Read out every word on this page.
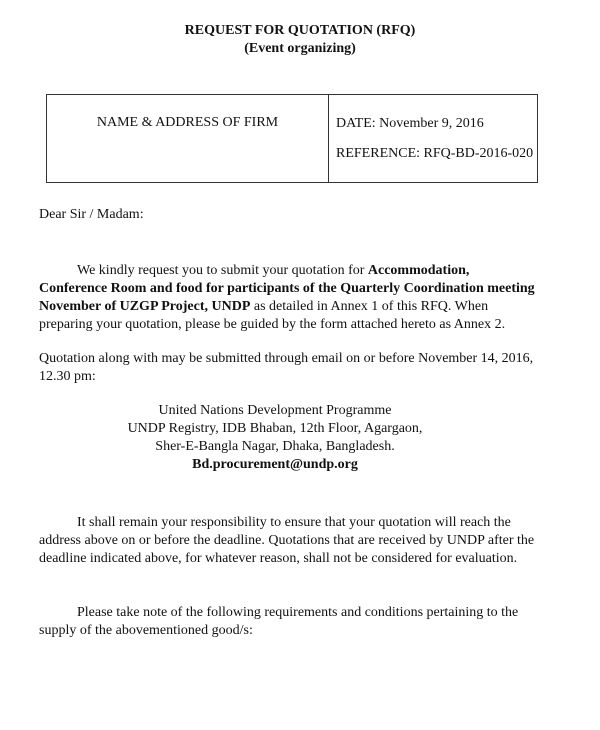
REQUEST FOR QUOTATION (RFQ)
(Event organizing)
NAME & ADDRESS OF FIRM	DATE: November 9, 2016
REFERENCE: RFQ-BD-2016-020
Dear Sir / Madam:
We kindly request you to submit your quotation for Accommodation, Conference Room and food for participants of the Quarterly Coordination meeting November of UZGP Project, UNDP as detailed in Annex 1 of this RFQ. When preparing your quotation, please be guided by the form attached hereto as Annex 2.
Quotation along with may be submitted through email on or before November 14, 2016, 12.30 pm:
United Nations Development Programme
UNDP Registry, IDB Bhaban, 12th Floor, Agargaon,
Sher-E-Bangla Nagar, Dhaka, Bangladesh.
Bd.procurement@undp.org
It shall remain your responsibility to ensure that your quotation will reach the address above on or before the deadline. Quotations that are received by UNDP after the deadline indicated above, for whatever reason, shall not be considered for evaluation.
Please take note of the following requirements and conditions pertaining to the supply of the abovementioned good/s:
